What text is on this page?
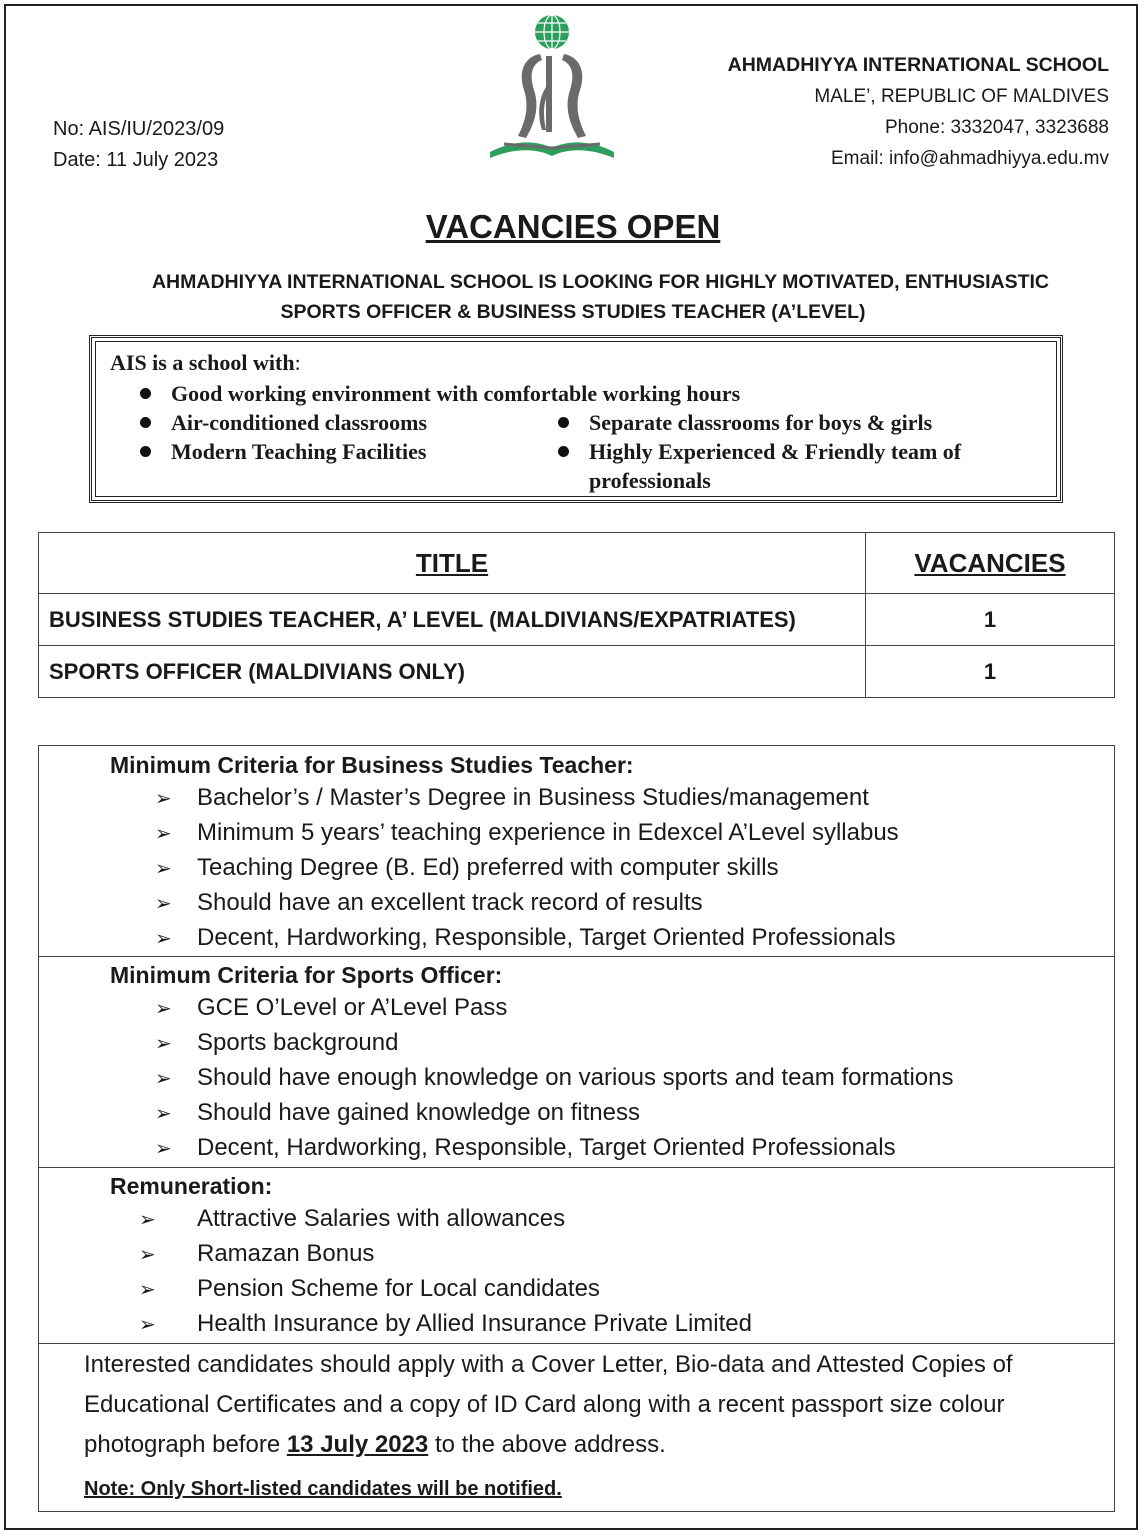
No: AIS/IU/2023/09
Date: 11 July 2023
AHMADHIYYA INTERNATIONAL SCHOOL
MALE’, REPUBLIC OF MALDIVES
Phone: 3332047, 3323688
Email: info@ahmadhiyya.edu.mv
VACANCIES OPEN
AHMADHIYYA INTERNATIONAL SCHOOL IS LOOKING FOR HIGHLY MOTIVATED, ENTHUSIASTIC
SPORTS OFFICER & BUSINESS STUDIES TEACHER (A’LEVEL)
AIS is a school with:
Good working environment with comfortable working hours
Air-conditioned classrooms	Separate classrooms for boys & girls
Modern Teaching Facilities	Highly Experienced & Friendly team of
professionals
TITLE	VACANCIES
BUSINESS STUDIES TEACHER, A’ LEVEL (MALDIVIANS/EXPATRIATES)	1
SPORTS OFFICER (MALDIVIANS ONLY)	1
Minimum Criteria for Business Studies Teacher:
➢	Bachelor’s / Master’s Degree in Business Studies/management
➢	Minimum 5 years’ teaching experience in Edexcel A’Level syllabus
➢	Teaching Degree (B. Ed) preferred with computer skills
➢	Should have an excellent track record of results
➢	Decent, Hardworking, Responsible, Target Oriented Professionals
Minimum Criteria for Sports Officer:
➢	GCE O’Level or A’Level Pass
➢	Sports background
➢	Should have enough knowledge on various sports and team formations
➢	Should have gained knowledge on fitness
➢	Decent, Hardworking, Responsible, Target Oriented Professionals
Remuneration:
➢	Attractive Salaries with allowances
➢	Ramazan Bonus
➢	Pension Scheme for Local candidates
➢	Health Insurance by Allied Insurance Private Limited
Interested candidates should apply with a Cover Letter, Bio-data and Attested Copies of Educational Certificates and a copy of ID Card along with a recent passport size colour photograph before 13 July 2023 to the above address.
Note: Only Short-listed candidates will be notified.
